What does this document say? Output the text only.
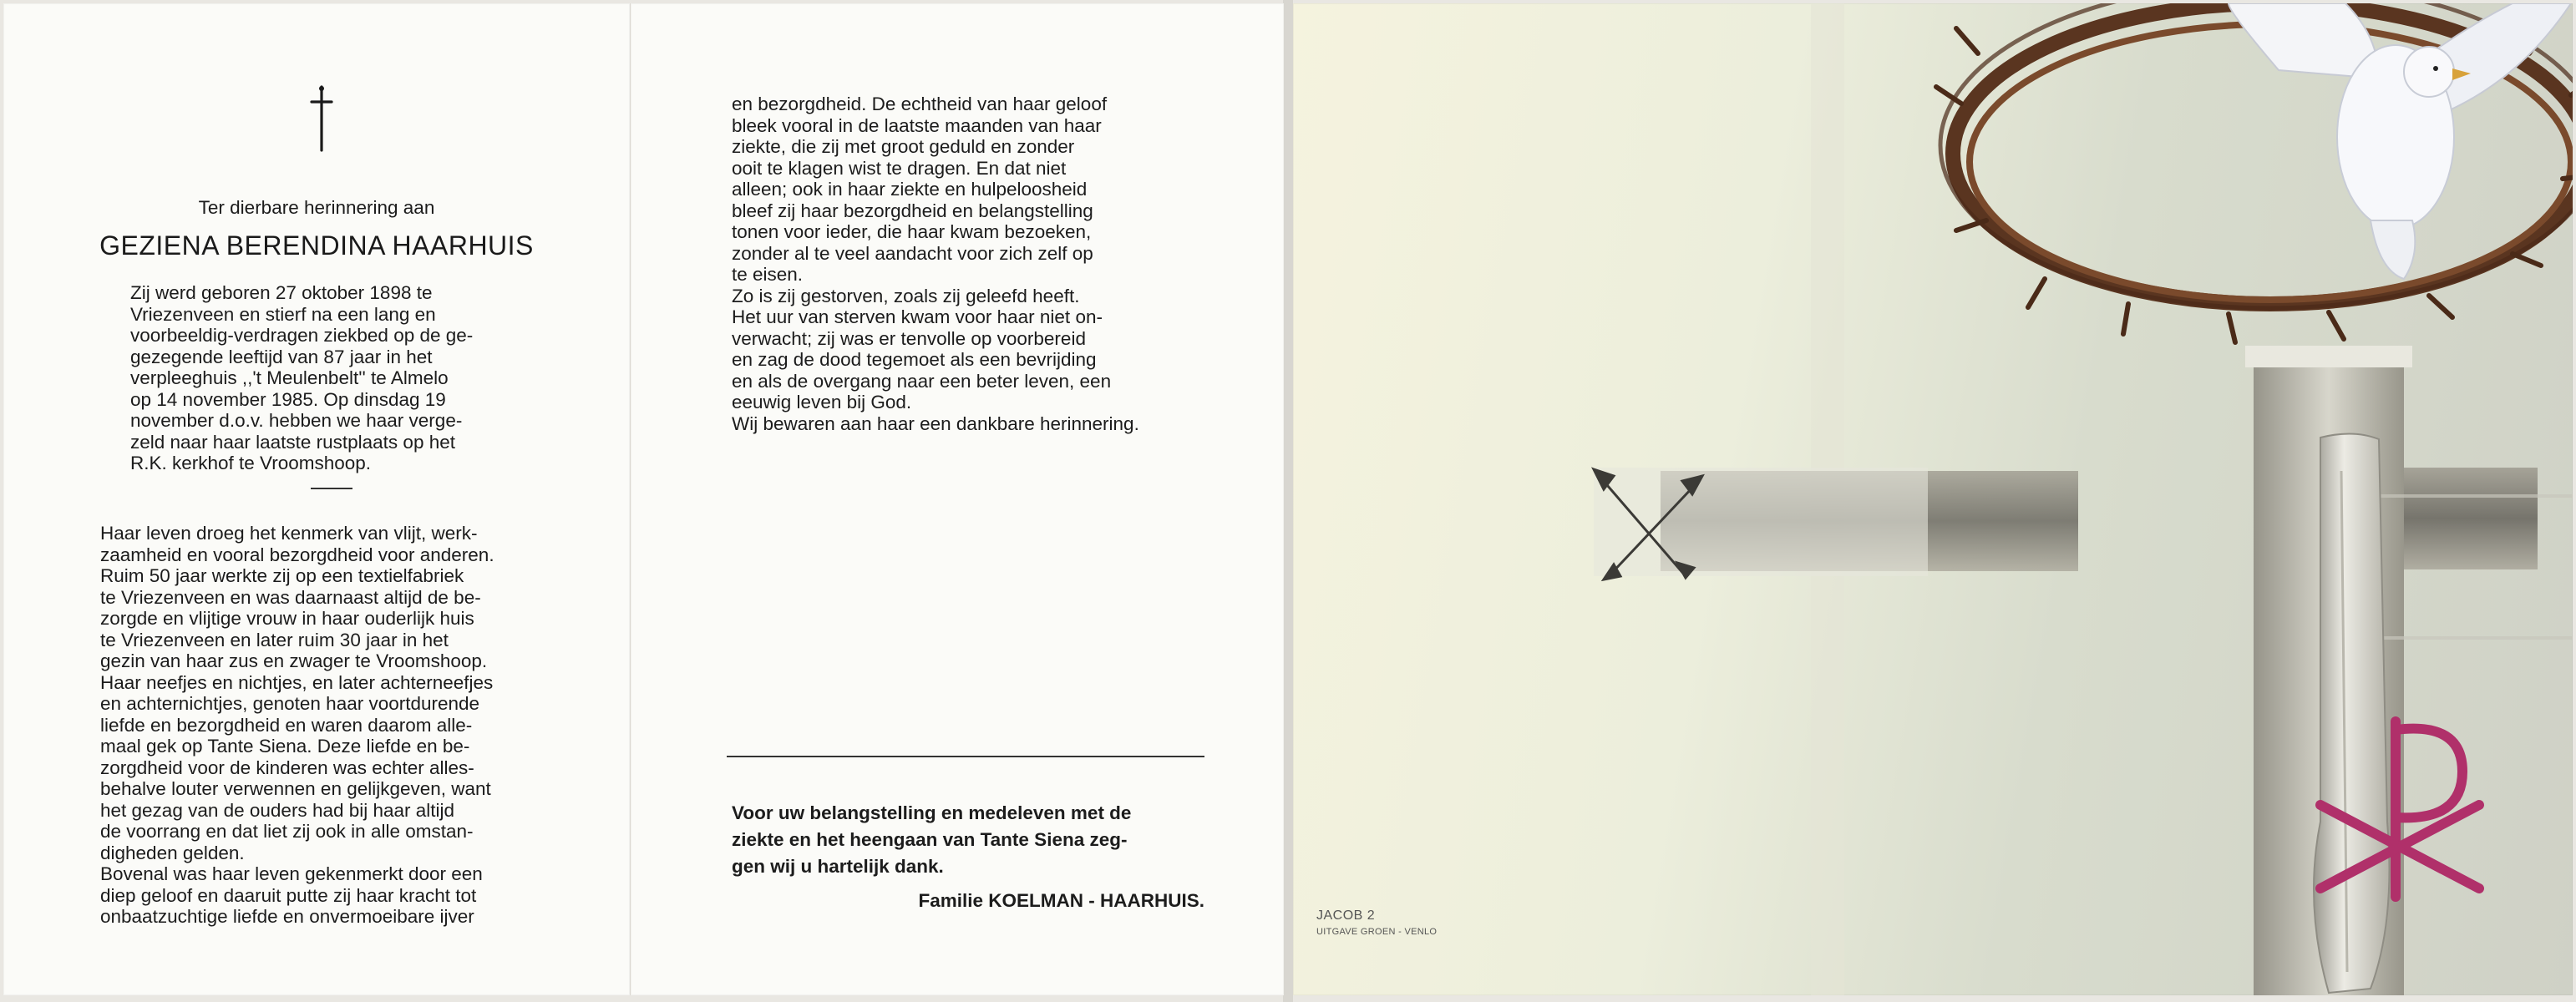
Ter dierbare herinnering aan
GEZIENA BERENDINA HAARHUIS
Zij werd geboren 27 oktober 1898 te
Vriezenveen en stierf na een lang en
voorbeeldig-verdragen ziekbed op de ge-
gezegende leeftijd van 87 jaar in het
verpleeghuis ,,'t Meulenbelt'' te Almelo
op 14 november 1985. Op dinsdag 19
november d.o.v. hebben we haar verge-
zeld naar haar laatste rustplaats op het
R.K. kerkhof te Vroomshoop.
Haar leven droeg het kenmerk van vlijt, werk-
zaamheid en vooral bezorgdheid voor anderen.
Ruim 50 jaar werkte zij op een textielfabriek
te Vriezenveen en was daarnaast altijd de be-
zorgde en vlijtige vrouw in haar ouderlijk huis
te Vriezenveen en later ruim 30 jaar in het
gezin van haar zus en zwager te Vroomshoop.
Haar neefjes en nichtjes, en later achterneefjes
en achternichtjes, genoten haar voortdurende
liefde en bezorgdheid en waren daarom alle-
maal gek op Tante Siena. Deze liefde en be-
zorgdheid voor de kinderen was echter alles-
behalve louter verwennen en gelijkgeven, want
het gezag van de ouders had bij haar altijd
de voorrang en dat liet zij ook in alle omstan-
digheden gelden.
Bovenal was haar leven gekenmerkt door een
diep geloof en daaruit putte zij haar kracht tot
onbaatzuchtige liefde en onvermoeibare ijver
en bezorgdheid. De echtheid van haar geloof
bleek vooral in de laatste maanden van haar
ziekte, die zij met groot geduld en zonder
ooit te klagen wist te dragen. En dat niet
alleen; ook in haar ziekte en hulpeloosheid
bleef zij haar bezorgdheid en belangstelling
tonen voor ieder, die haar kwam bezoeken,
zonder al te veel aandacht voor zich zelf op
te eisen.
Zo is zij gestorven, zoals zij geleefd heeft.
Het uur van sterven kwam voor haar niet on-
verwacht; zij was er tenvolle op voorbereid
en zag de dood tegemoet als een bevrijding
en als de overgang naar een beter leven, een
eeuwig leven bij God.
Wij bewaren aan haar een dankbare herinnering.
Voor uw belangstelling en medeleven met de
ziekte en het heengaan van Tante Siena zeg-
gen wij u hartelijk dank.
Familie KOELMAN - HAARHUIS.
JACOB 2
UITGAVE GROEN - VENLO
